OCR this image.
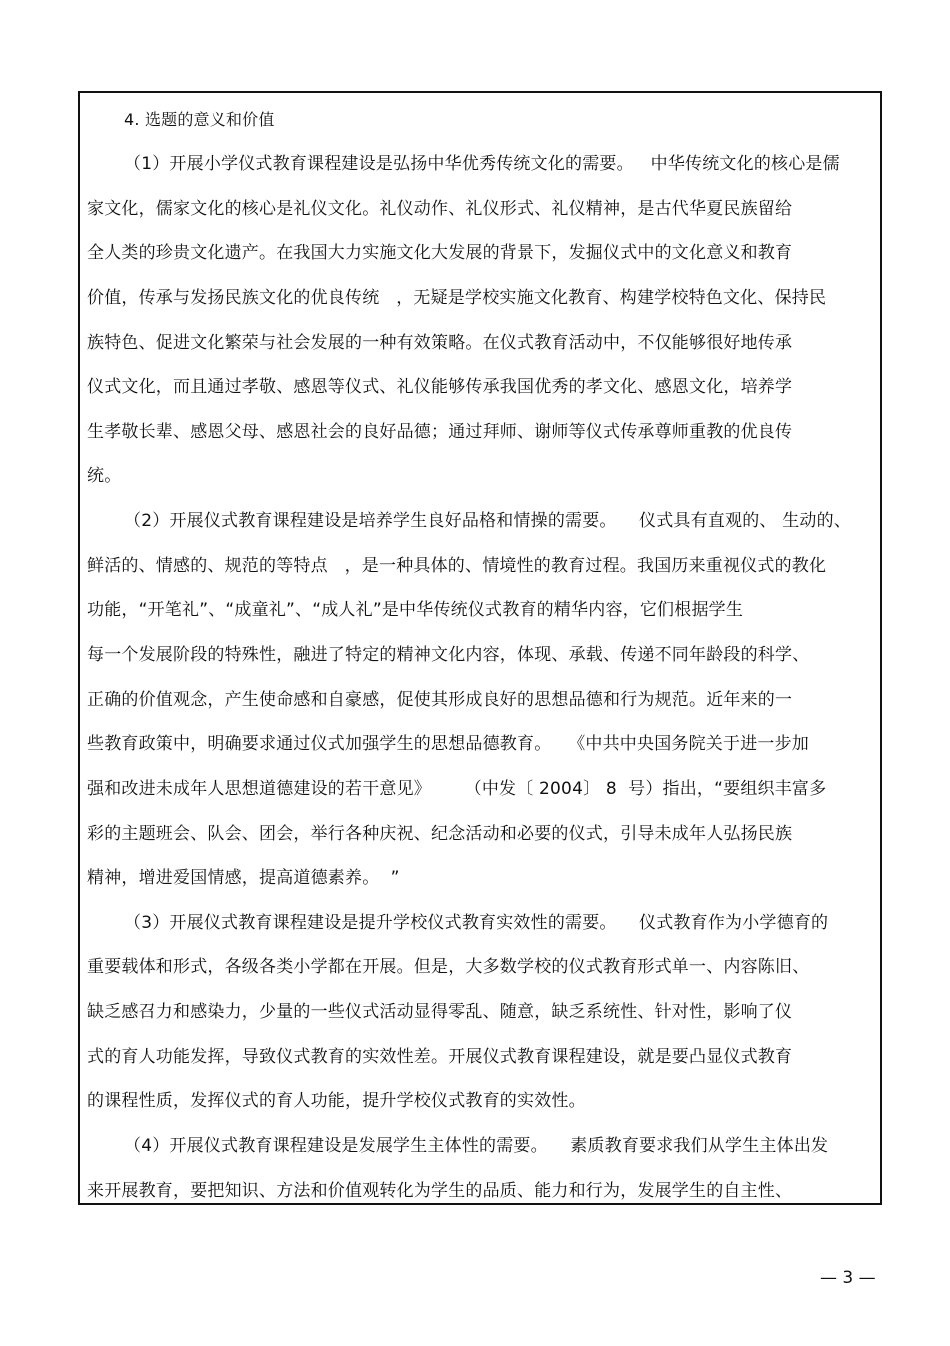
4. 选题的意义和价值
（1）开展小学仪式教育课程建设是弘扬中华优秀传统文化的需要。   中华传统文化的核心是儒
家文化，儒家文化的核心是礼仪文化。礼仪动作、礼仪形式、礼仪精神，是古代华夏民族留给
全人类的珍贵文化遗产。在我国大力实施文化大发展的背景下，发掘仪式中的文化意义和教育
价值，传承与发扬民族文化的优良传统   ，无疑是学校实施文化教育、构建学校特色文化、保持民
族特色、促进文化繁荣与社会发展的一种有效策略。在仪式教育活动中，不仅能够很好地传承
仪式文化，而且通过孝敬、感恩等仪式、礼仪能够传承我国优秀的孝文化、感恩文化，培养学
生孝敬长辈、感恩父母、感恩社会的良好品德；通过拜师、谢师等仪式传承尊师重教的优良传
统。
（2）开展仪式教育课程建设是培养学生良好品格和情操的需要。    仪式具有直观的、 生动的、
鲜活的、情感的、规范的等特点   ，是一种具体的、情境性的教育过程。我国历来重视仪式的教化
功能，“开笔礼”、“成童礼”、“成人礼”是中华传统仪式教育的精华内容，它们根据学生
每一个发展阶段的特殊性，融进了特定的精神文化内容，体现、承载、传递不同年龄段的科学、
正确的价值观念，产生使命感和自豪感，促使其形成良好的思想品德和行为规范。近年来的一
些教育政策中，明确要求通过仪式加强学生的思想品德教育。   《中共中央国务院关于进一步加
强和改进未成年人思想道德建设的若干意见》      （中发〔 2004〕 8  号）指出，“要组织丰富多
彩的主题班会、队会、团会，举行各种庆祝、纪念活动和必要的仪式，引导未成年人弘扬民族
精神，增进爱国情感，提高道德素养。  ”
（3）开展仪式教育课程建设是提升学校仪式教育实效性的需要。    仪式教育作为小学德育的
重要载体和形式，各级各类小学都在开展。但是，大多数学校的仪式教育形式单一、内容陈旧、
缺乏感召力和感染力，少量的一些仪式活动显得零乱、随意，缺乏系统性、针对性，影响了仪
式的育人功能发挥，导致仪式教育的实效性差。开展仪式教育课程建设，就是要凸显仪式教育
的课程性质，发挥仪式的育人功能，提升学校仪式教育的实效性。
（4）开展仪式教育课程建设是发展学生主体性的需要。    素质教育要求我们从学生主体出发
来开展教育，要把知识、方法和价值观转化为学生的品质、能力和行为，发展学生的自主性、
— 3 —
